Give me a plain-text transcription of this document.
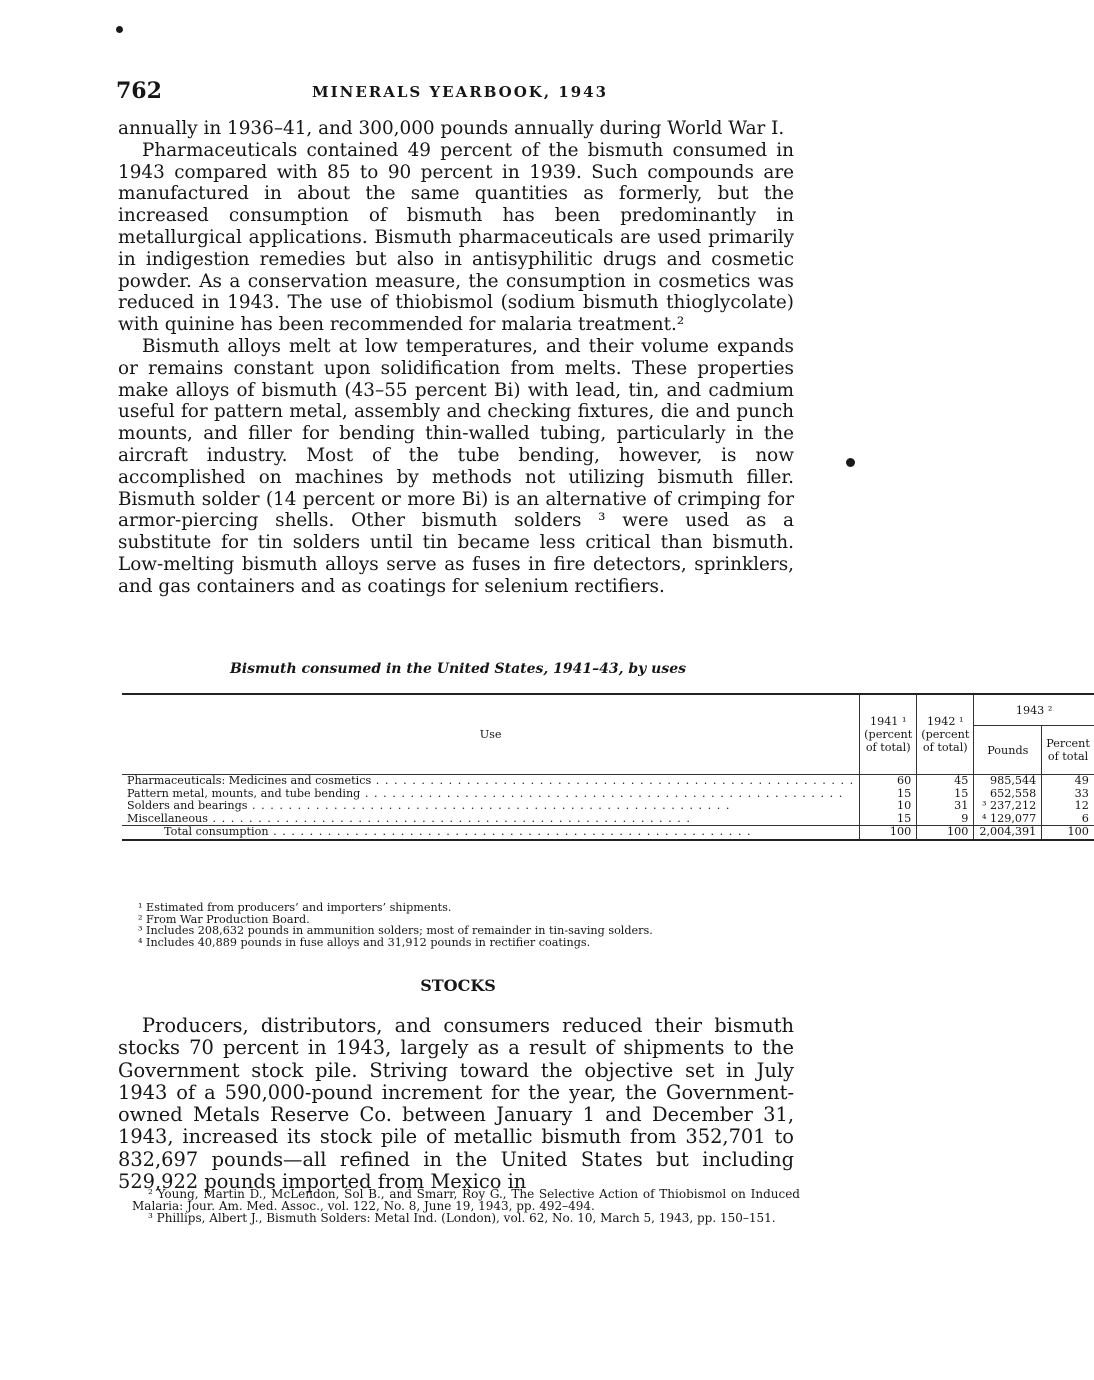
762	MINERALS YEARBOOK, 1943

annually in 1936–41, and 300,000 pounds annually during World War I.

Pharmaceuticals contained 49 percent of the bismuth consumed in 1943 compared with 85 to 90 percent in 1939. Such compounds are manufactured in about the same quantities as formerly, but the increased consumption of bismuth has been predominantly in metallurgical applications. Bismuth pharmaceuticals are used primarily in indigestion remedies but also in antisyphilitic drugs and cosmetic powder. As a conservation measure, the consumption in cosmetics was reduced in 1943. The use of thiobismol (sodium bismuth thioglycolate) with quinine has been recommended for malaria treatment.²

Bismuth alloys melt at low temperatures, and their volume expands or remains constant upon solidification from melts. These properties make alloys of bismuth (43–55 percent Bi) with lead, tin, and cadmium useful for pattern metal, assembly and checking fixtures, die and punch mounts, and filler for bending thin-walled tubing, particularly in the aircraft industry. Most of the tube bending, however, is now accomplished on machines by methods not utilizing bismuth filler. Bismuth solder (14 percent or more Bi) is an alternative of crimping for armor-piercing shells. Other bismuth solders ³ were used as a substitute for tin solders until tin became less critical than bismuth. Low-melting bismuth alloys serve as fuses in fire detectors, sprinklers, and gas containers and as coatings for selenium rectifiers.

Bismuth consumed in the United States, 1941–43, by uses
Use	1941 ¹ (percent of total)	1942 ¹ (percent of total)	1943 ²	
			Pounds	Percent of total
Pharmaceuticals: Medicines and cosmetics . . .	60	45	985,544	49
Pattern metal, mounts, and tube bending . . .	15	15	652,558	33
Solders and bearings . . .	10	31	³ 237,212	12
Miscellaneous . . .	15	9	⁴ 129,077	6
Total consumption . . .	100	100	2,004,391	100
¹ Estimated from producers’ and importers’ shipments.
² From War Production Board.
³ Includes 208,632 pounds in ammunition solders; most of remainder in tin-saving solders.
⁴ Includes 40,889 pounds in fuse alloys and 31,912 pounds in rectifier coatings.
STOCKS

Producers, distributors, and consumers reduced their bismuth stocks 70 percent in 1943, largely as a result of shipments to the Government stock pile. Striving toward the objective set in July 1943 of a 590,000-pound increment for the year, the Government-owned Metals Reserve Co. between January 1 and December 31, 1943, increased its stock pile of metallic bismuth from 352,701 to 832,697 pounds—all refined in the United States but including 529,922 pounds imported from Mexico in

² Young, Martin D., McLendon, Sol B., and Smarr, Roy G., The Selective Action of Thiobismol on Induced Malaria: Jour. Am. Med. Assoc., vol. 122, No. 8, June 19, 1943, pp. 492–494.

³ Phillips, Albert J., Bismuth Solders: Metal Ind. (London), vol. 62, No. 10, March 5, 1943, pp. 150–151.
